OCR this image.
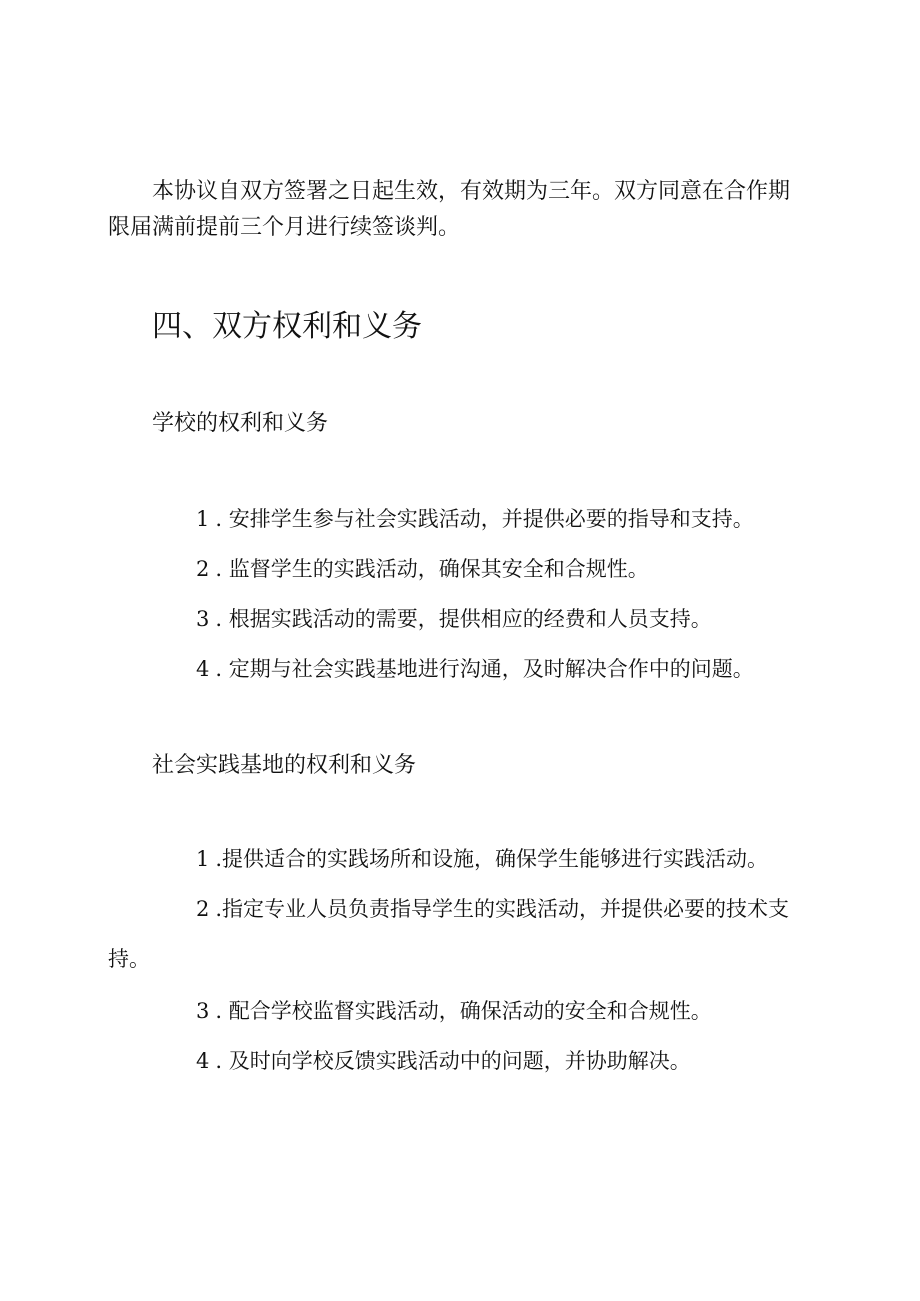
本协议自双方签署之日起生效，有效期为三年。双方同意在合作期限届满前提前三个月进行续签谈判。

四、双方权利和义务
学校的权利和义务

1 . 安排学生参与社会实践活动，并提供必要的指导和支持。

2 . 监督学生的实践活动，确保其安全和合规性。

3 . 根据实践活动的需要，提供相应的经费和人员支持。

4 . 定期与社会实践基地进行沟通，及时解决合作中的问题。

社会实践基地的权利和义务

1 .提供适合的实践场所和设施，确保学生能够进行实践活动。

2 .指定专业人员负责指导学生的实践活动，并提供必要的技术支持。

3 . 配合学校监督实践活动，确保活动的安全和合规性。

4 . 及时向学校反馈实践活动中的问题，并协助解决。
